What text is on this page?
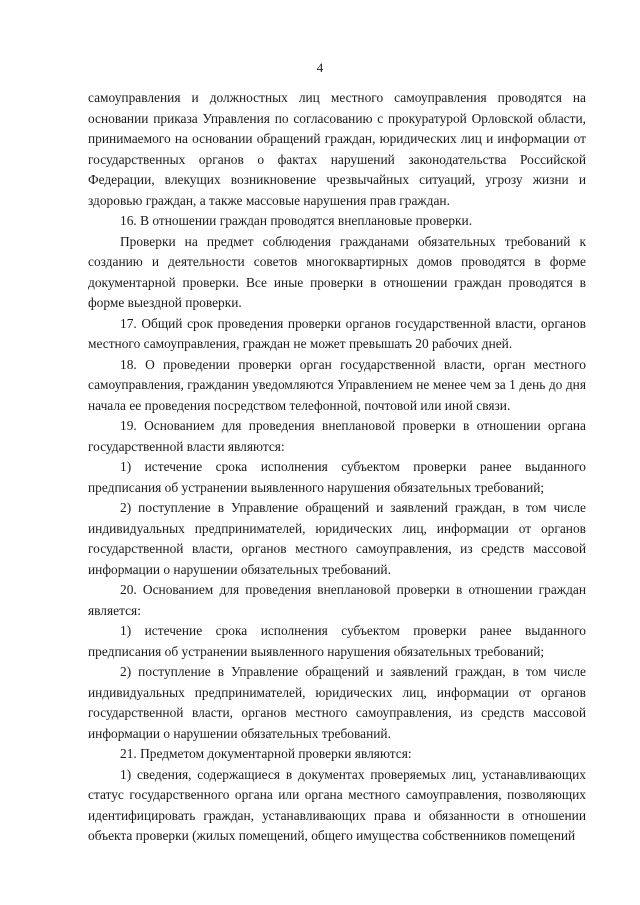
4

самоуправления и должностных лиц местного самоуправления проводятся на основании приказа Управления по согласованию с прокуратурой Орловской области, принимаемого на основании обращений граждан, юридических лиц и информации от государственных органов о фактах нарушений законодательства Российской Федерации, влекущих возникновение чрезвычайных ситуаций, угрозу жизни и здоровью граждан, а также массовые нарушения прав граждан.

16. В отношении граждан проводятся внеплановые проверки.

Проверки на предмет соблюдения гражданами обязательных требований к созданию и деятельности советов многоквартирных домов проводятся в форме документарной проверки. Все иные проверки в отношении граждан проводятся в форме выездной проверки.

17. Общий срок проведения проверки органов государственной власти, органов местного самоуправления, граждан не может превышать 20 рабочих дней.

18. О проведении проверки орган государственной власти, орган местного самоуправления, гражданин уведомляются Управлением не менее чем за 1 день до дня начала ее проведения посредством телефонной, почтовой или иной связи.

19. Основанием для проведения внеплановой проверки в отношении органа государственной власти являются:

1) истечение срока исполнения субъектом проверки ранее выданного предписания об устранении выявленного нарушения обязательных требований;

2) поступление в Управление обращений и заявлений граждан, в том числе индивидуальных предпринимателей, юридических лиц, информации от органов государственной власти, органов местного самоуправления, из средств массовой информации о нарушении обязательных требований.

20. Основанием для проведения внеплановой проверки в отношении граждан является:

1) истечение срока исполнения субъектом проверки ранее выданного предписания об устранении выявленного нарушения обязательных требований;

2) поступление в Управление обращений и заявлений граждан, в том числе индивидуальных предпринимателей, юридических лиц, информации от органов государственной власти, органов местного самоуправления, из средств массовой информации о нарушении обязательных требований.

21. Предметом документарной проверки являются:

1) сведения, содержащиеся в документах проверяемых лиц, устанавливающих статус государственного органа или органа местного самоуправления, позволяющих идентифицировать граждан, устанавливающих права и обязанности в отношении объекта проверки (жилых помещений, общего имущества собственников помещений
